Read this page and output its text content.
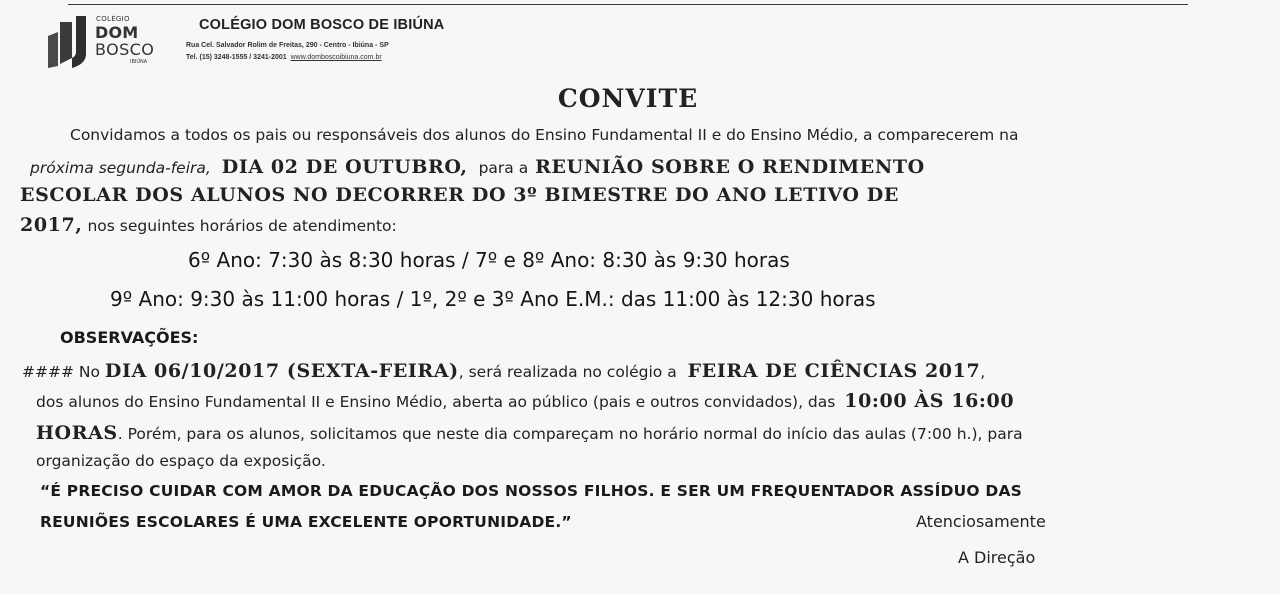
COLÉGIO
DOM
BOSCO
IBIÚNA
COLÉGIO DOM BOSCO DE IBIÚNA
Rua Cel. Salvador Rolim de Freitas, 290 - Centro - Ibiúna - SP
Tel. (15) 3248-1555 / 3241-2001 www.domboscoibiuna.com.br
CONVITE
Convidamos a todos os pais ou responsáveis dos alunos do Ensino Fundamental II e do Ensino Médio, a comparecerem na
próxima segunda-feira, DIA 02 DE OUTUBRO, para a REUNIÃO SOBRE O RENDIMENTO
ESCOLAR DOS ALUNOS NO DECORRER DO 3º BIMESTRE DO ANO LETIVO DE
2017, nos seguintes horários de atendimento:
6º Ano: 7:30 às 8:30 horas / 7º e 8º Ano: 8:30 às 9:30 horas
9º Ano: 9:30 às 11:00 horas / 1º, 2º e 3º Ano E.M.: das 11:00 às 12:30 horas
OBSERVAÇÕES:
#### No DIA 06/10/2017 (SEXTA-FEIRA), será realizada no colégio a FEIRA DE CIÊNCIAS 2017,
dos alunos do Ensino Fundamental II e Ensino Médio, aberta ao público (pais e outros convidados), das 10:00 ÀS 16:00
HORAS. Porém, para os alunos, solicitamos que neste dia compareçam no horário normal do início das aulas (7:00 h.), para
organização do espaço da exposição.
“É PRECISO CUIDAR COM AMOR DA EDUCAÇÃO DOS NOSSOS FILHOS. E SER UM FREQUENTADOR ASSÍDUO DAS
REUNIÕES ESCOLARES É UMA EXCELENTE OPORTUNIDADE.”	Atenciosamente
A Direção
